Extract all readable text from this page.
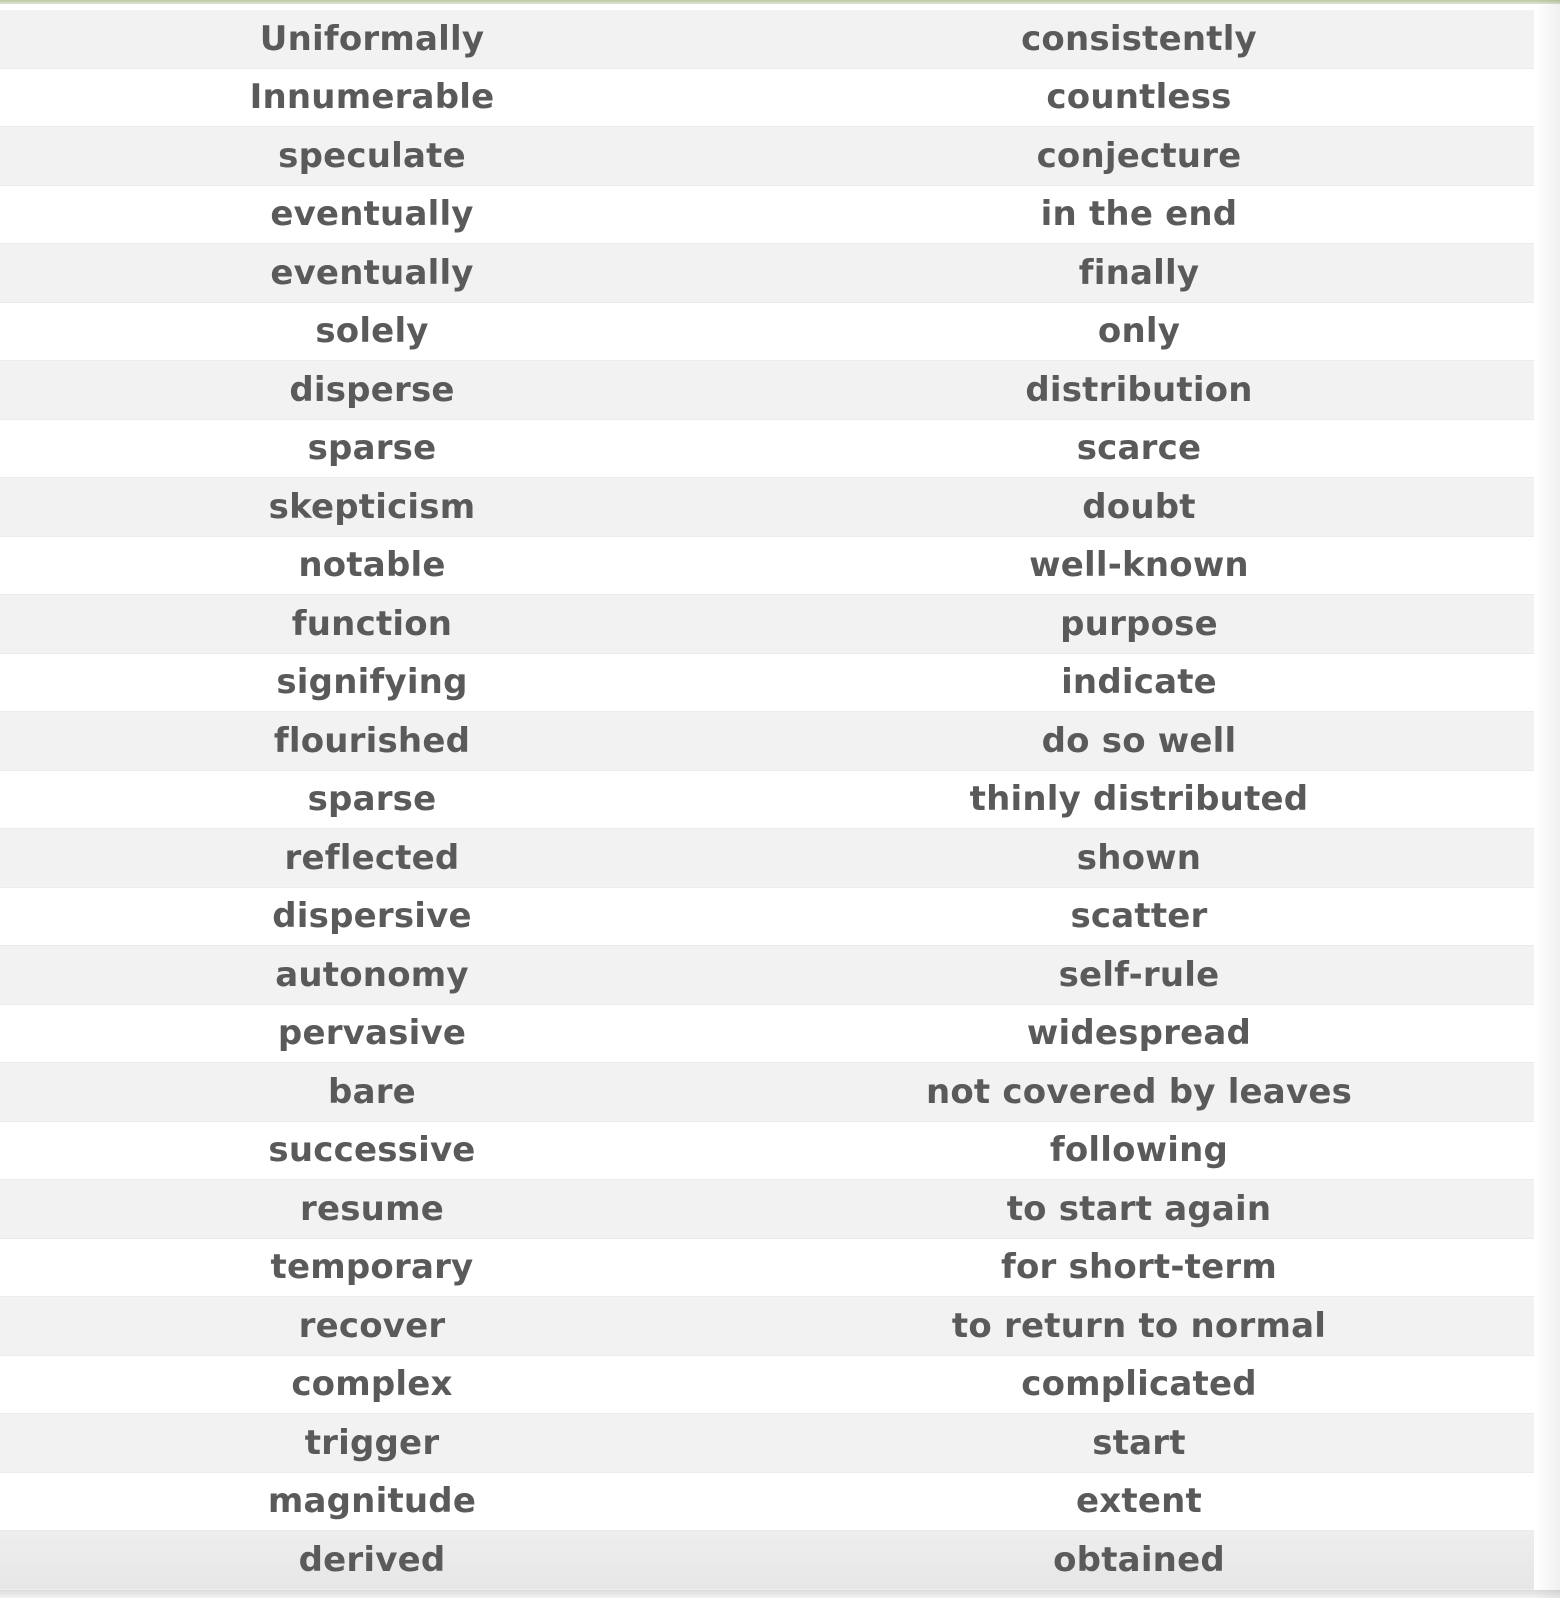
Uniformally	consistently
Innumerable	countless
speculate	conjecture
eventually	in the end
eventually	finally
solely	only
disperse	distribution
sparse	scarce
skepticism	doubt
notable	well-known
function	purpose
signifying	indicate
flourished	do so well
sparse	thinly distributed
reflected	shown
dispersive	scatter
autonomy	self-rule
pervasive	widespread
bare	not covered by leaves
successive	following
resume	to start again
temporary	for short-term
recover	to return to normal
complex	complicated
trigger	start
magnitude	extent
derived	obtained
